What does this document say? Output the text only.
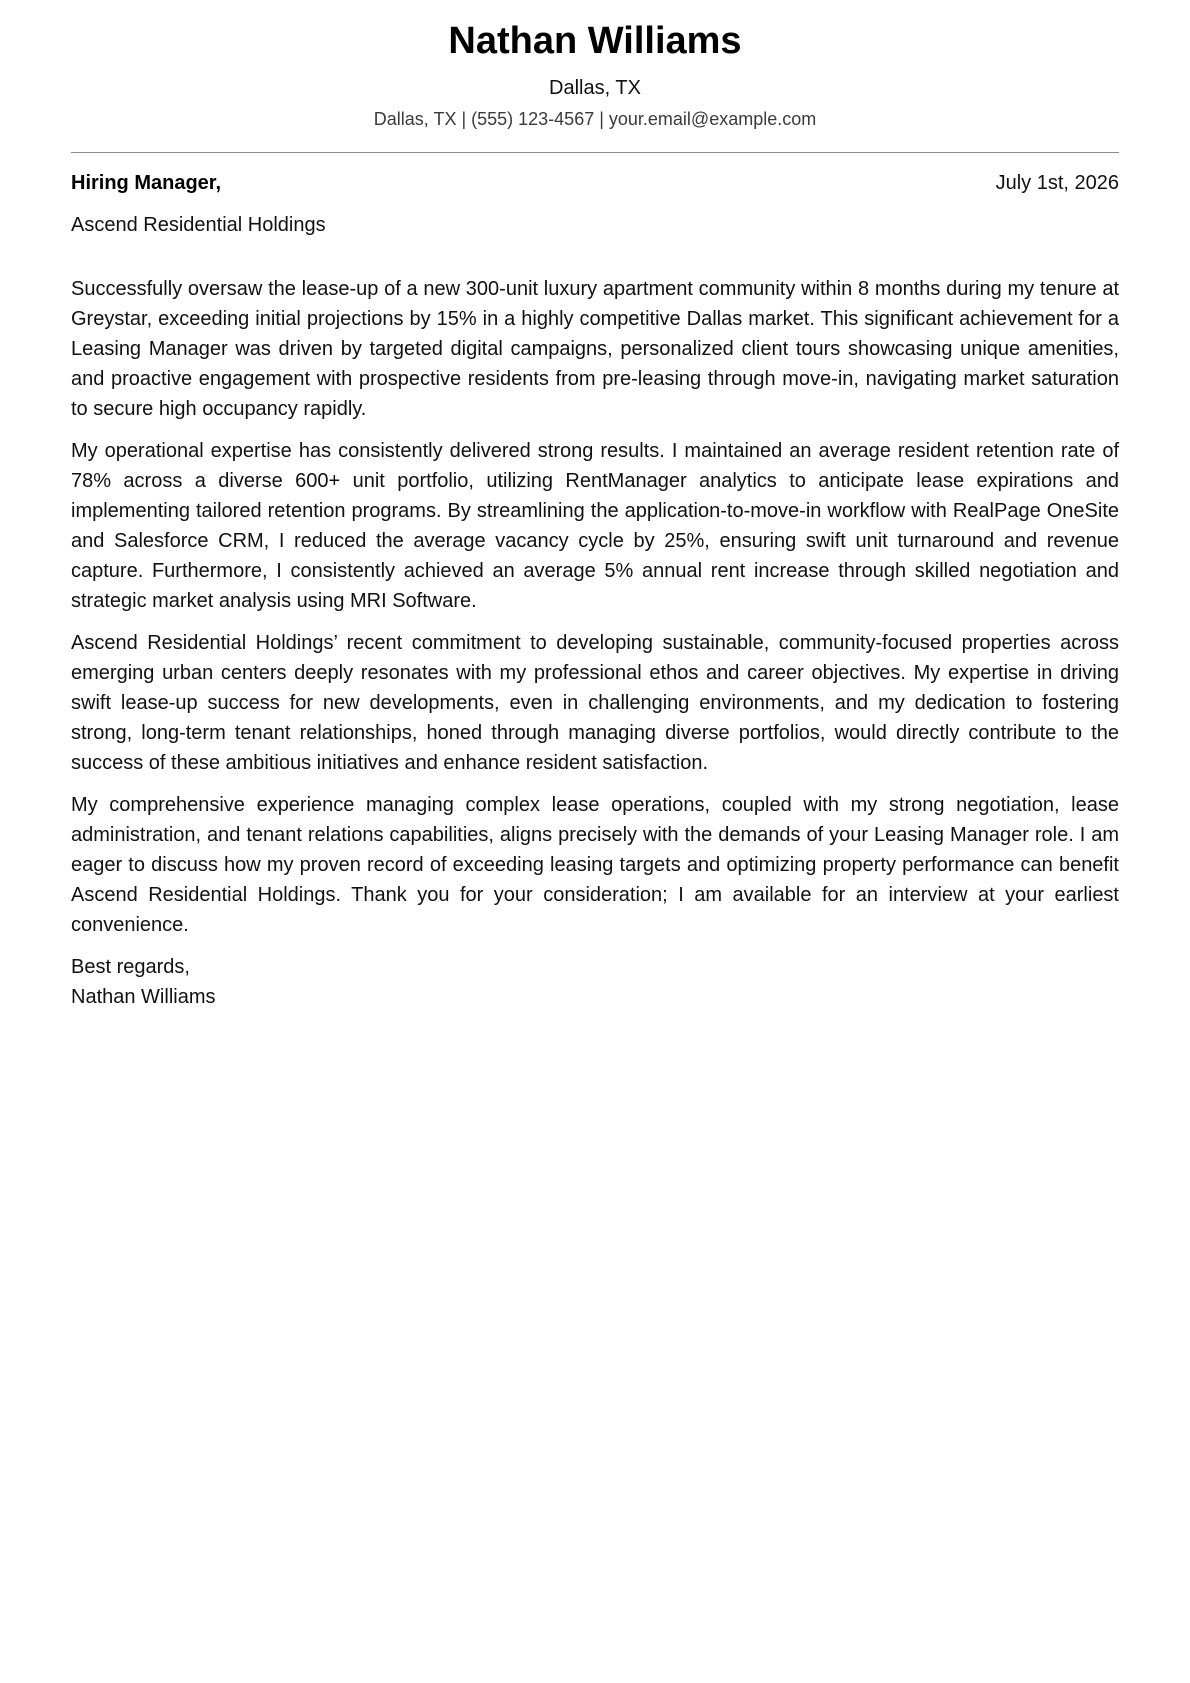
Nathan Williams
Dallas, TX
Dallas, TX | (555) 123-4567 | your.email@example.com
Hiring Manager,	July 1st, 2026
Ascend Residential Holdings

Successfully oversaw the lease-up of a new 300-unit luxury apartment community within 8 months during my tenure at Greystar, exceeding initial projections by 15% in a highly competitive Dallas market. This significant achievement for a Leasing Manager was driven by targeted digital campaigns, personalized client tours showcasing unique amenities, and proactive engagement with prospective residents from pre-leasing through move-in, navigating market saturation to secure high occupancy rapidly.

My operational expertise has consistently delivered strong results. I maintained an average resident retention rate of 78% across a diverse 600+ unit portfolio, utilizing RentManager analytics to anticipate lease expirations and implementing tailored retention programs. By streamlining the application-to-move-in workflow with RealPage OneSite and Salesforce CRM, I reduced the average vacancy cycle by 25%, ensuring swift unit turnaround and revenue capture. Furthermore, I consistently achieved an average 5% annual rent increase through skilled negotiation and strategic market analysis using MRI Software.

Ascend Residential Holdings’ recent commitment to developing sustainable, community-focused properties across emerging urban centers deeply resonates with my professional ethos and career objectives. My expertise in driving swift lease-up success for new developments, even in challenging environments, and my dedication to fostering strong, long-term tenant relationships, honed through managing diverse portfolios, would directly contribute to the success of these ambitious initiatives and enhance resident satisfaction.

My comprehensive experience managing complex lease operations, coupled with my strong negotiation, lease administration, and tenant relations capabilities, aligns precisely with the demands of your Leasing Manager role. I am eager to discuss how my proven record of exceeding leasing targets and optimizing property performance can benefit Ascend Residential Holdings. Thank you for your consideration; I am available for an interview at your earliest convenience.

Best regards,
Nathan Williams
